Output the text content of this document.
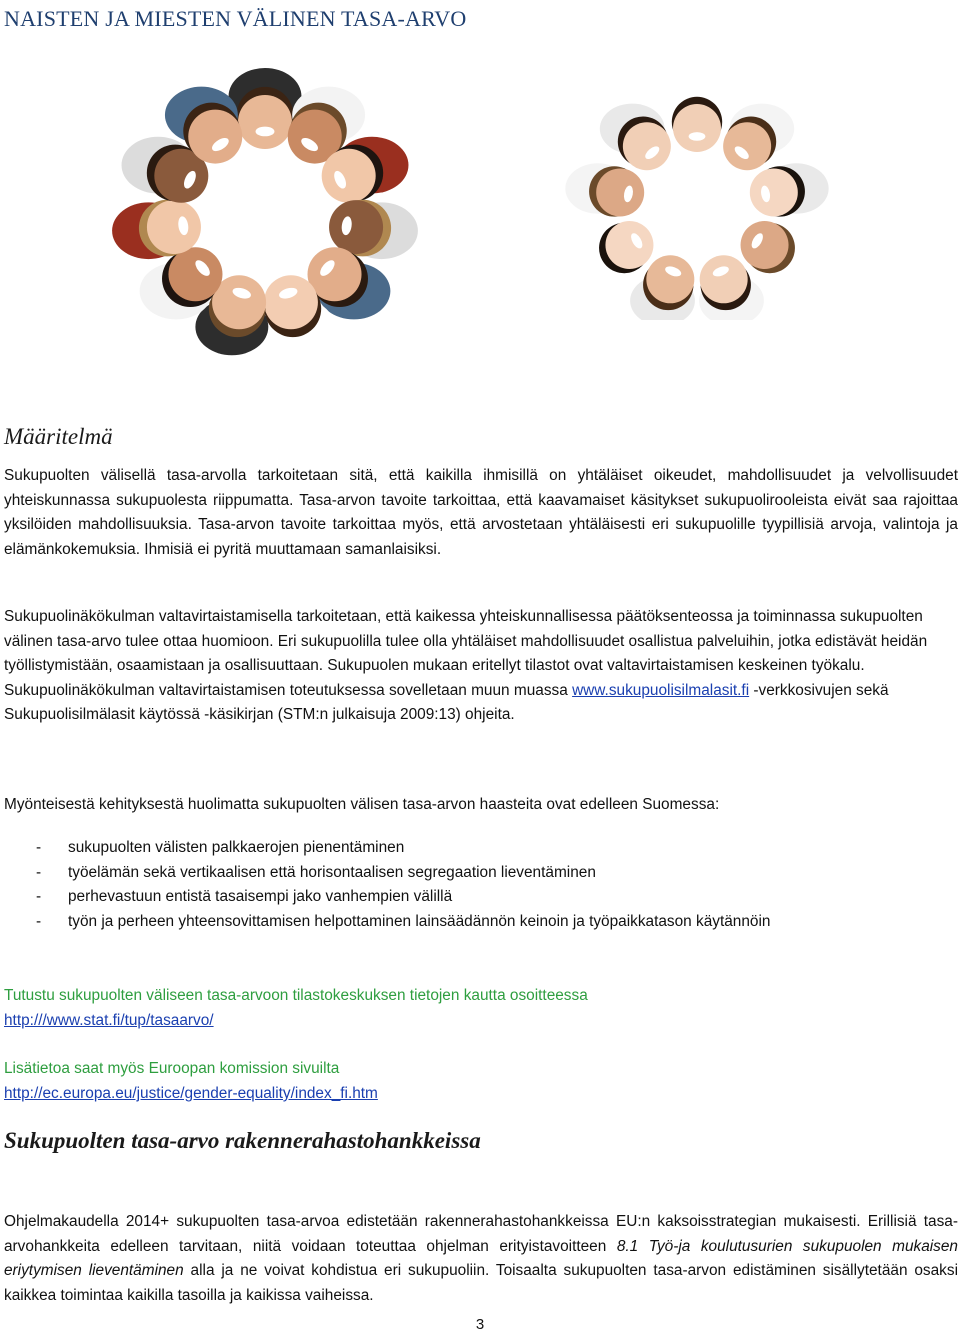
NAISTEN JA MIESTEN VÄLINEN TASA-ARVO
Määritelmä

Sukupuolten välisellä tasa-arvolla tarkoitetaan sitä, että kaikilla ihmisillä on yhtäläiset oikeudet, mahdollisuudet ja velvollisuudet yhteiskunnassa sukupuolesta riippumatta. Tasa-arvon tavoite tarkoittaa, että kaavamaiset käsitykset sukupuolirooleista eivät saa rajoittaa yksilöiden mahdollisuuksia. Tasa-arvon tavoite tarkoittaa myös, että arvostetaan yhtäläisesti eri sukupuolille tyypillisiä arvoja, valintoja ja elämänkokemuksia. Ihmisiä ei pyritä muuttamaan samanlaisiksi.

Sukupuolinäkökulman valtavirtaistamisella tarkoitetaan, että kaikessa yhteiskunnallisessa päätöksenteossa ja toiminnassa sukupuolten välinen tasa-arvo tulee ottaa huomioon. Eri sukupuolilla tulee olla yhtäläiset mahdollisuudet osallistua palveluihin, jotka edistävät heidän työllistymistään, osaamistaan ja osallisuuttaan. Sukupuolen mukaan eritellyt tilastot ovat valtavirtaistamisen keskeinen työkalu. Sukupuolinäkökulman valtavirtaistamisen toteutuksessa sovelletaan muun muassa www.sukupuolisilmalasit.fi -verkkosivujen sekä Sukupuolisilmälasit käytössä -käsikirjan (STM:n julkaisuja 2009:13) ohjeita.

Myönteisestä kehityksestä huolimatta sukupuolten välisen tasa-arvon haasteita ovat edelleen Suomessa:

- sukupuolten välisten palkkaerojen pienentäminen
- työelämän sekä vertikaalisen että horisontaalisen segregaation lieventäminen
- perhevastuun entistä tasaisempi jako vanhempien välillä
- työn ja perheen yhteensovittamisen helpottaminen lainsäädännön keinoin ja työpaikkatason käytännöin
Tutustu sukupuolten väliseen tasa-arvoon tilastokeskuksen tietojen kautta osoitteessa
http:///www.stat.fi/tup/tasaarvo/
Lisätietoa saat myös Euroopan komission sivuilta
http://ec.europa.eu/justice/gender-equality/index_fi.htm
Sukupuolten tasa-arvo rakennerahastohankkeissa

Ohjelmakaudella 2014+ sukupuolten tasa-arvoa edistetään rakennerahastohankkeissa EU:n kaksoisstrategian mukaisesti. Erillisiä tasa-arvohankkeita edelleen tarvitaan, niitä voidaan toteuttaa ohjelman erityistavoitteen 8.1 Työ-ja koulutusurien sukupuolen mukaisen eriytymisen lieventäminen alla ja ne voivat kohdistua eri sukupuoliin. Toisaalta sukupuolten tasa-arvon edistäminen sisällytetään osaksi kaikkea toimintaa kaikilla tasoilla ja kaikissa vaiheissa.

3
